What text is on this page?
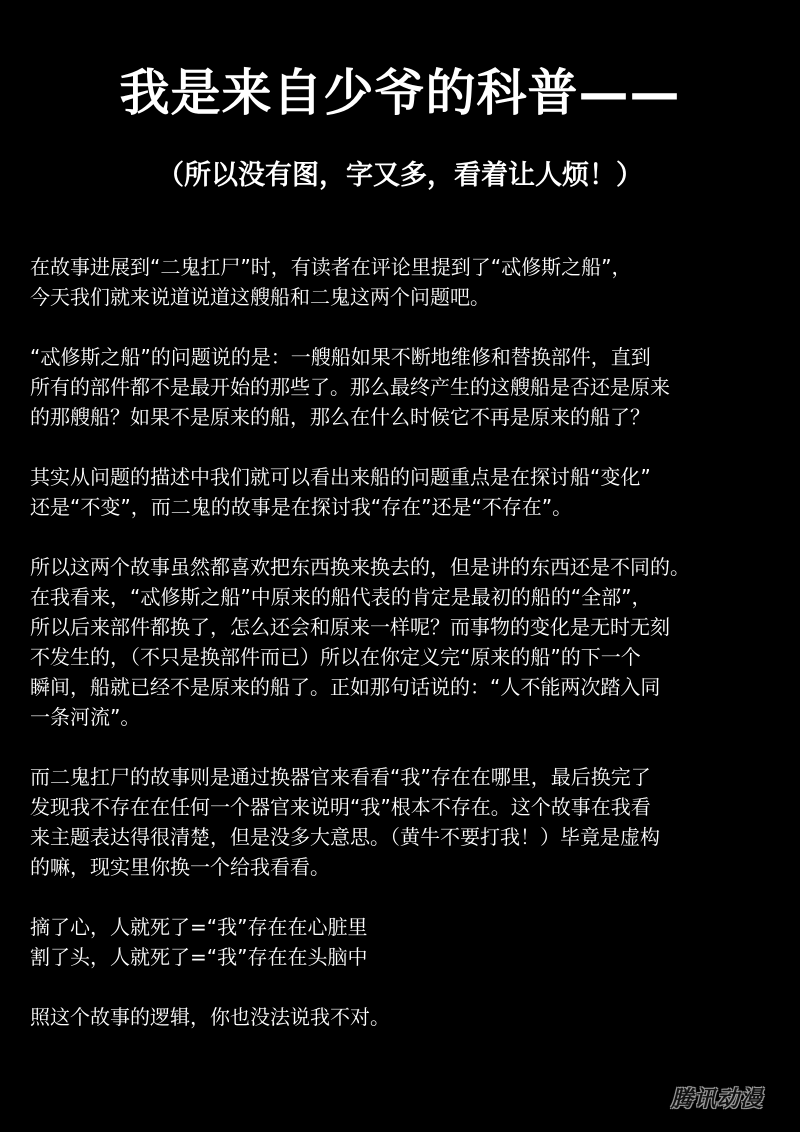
我是来自少爷的科普——
（所以没有图，字又多，看着让人烦！）

在故事进展到“二鬼扛尸”时，有读者在评论里提到了“忒修斯之船”，
今天我们就来说道说道这艘船和二鬼这两个问题吧。

“忒修斯之船”的问题说的是：一艘船如果不断地维修和替换部件，直到
所有的部件都不是最开始的那些了。那么最终产生的这艘船是否还是原来
的那艘船？如果不是原来的船，那么在什么时候它不再是原来的船了？

其实从问题的描述中我们就可以看出来船的问题重点是在探讨船“变化”
还是“不变”，而二鬼的故事是在探讨我“存在”还是“不存在”。

所以这两个故事虽然都喜欢把东西换来换去的，但是讲的东西还是不同的。
在我看来，“忒修斯之船”中原来的船代表的肯定是最初的船的“全部”，
所以后来部件都换了，怎么还会和原来一样呢？而事物的变化是无时无刻
不发生的，（不只是换部件而已）所以在你定义完“原来的船”的下一个
瞬间，船就已经不是原来的船了。正如那句话说的：“人不能两次踏入同
一条河流”。

而二鬼扛尸的故事则是通过换器官来看看“我”存在在哪里，最后换完了
发现我不存在在任何一个器官来说明“我”根本不存在。这个故事在我看
来主题表达得很清楚，但是没多大意思。（黄牛不要打我！）毕竟是虚构
的嘛，现实里你换一个给我看看。

摘了心，人就死了=“我”存在在心脏里
割了头，人就死了=“我”存在在头脑中

照这个故事的逻辑，你也没法说我不对。

腾讯动漫
